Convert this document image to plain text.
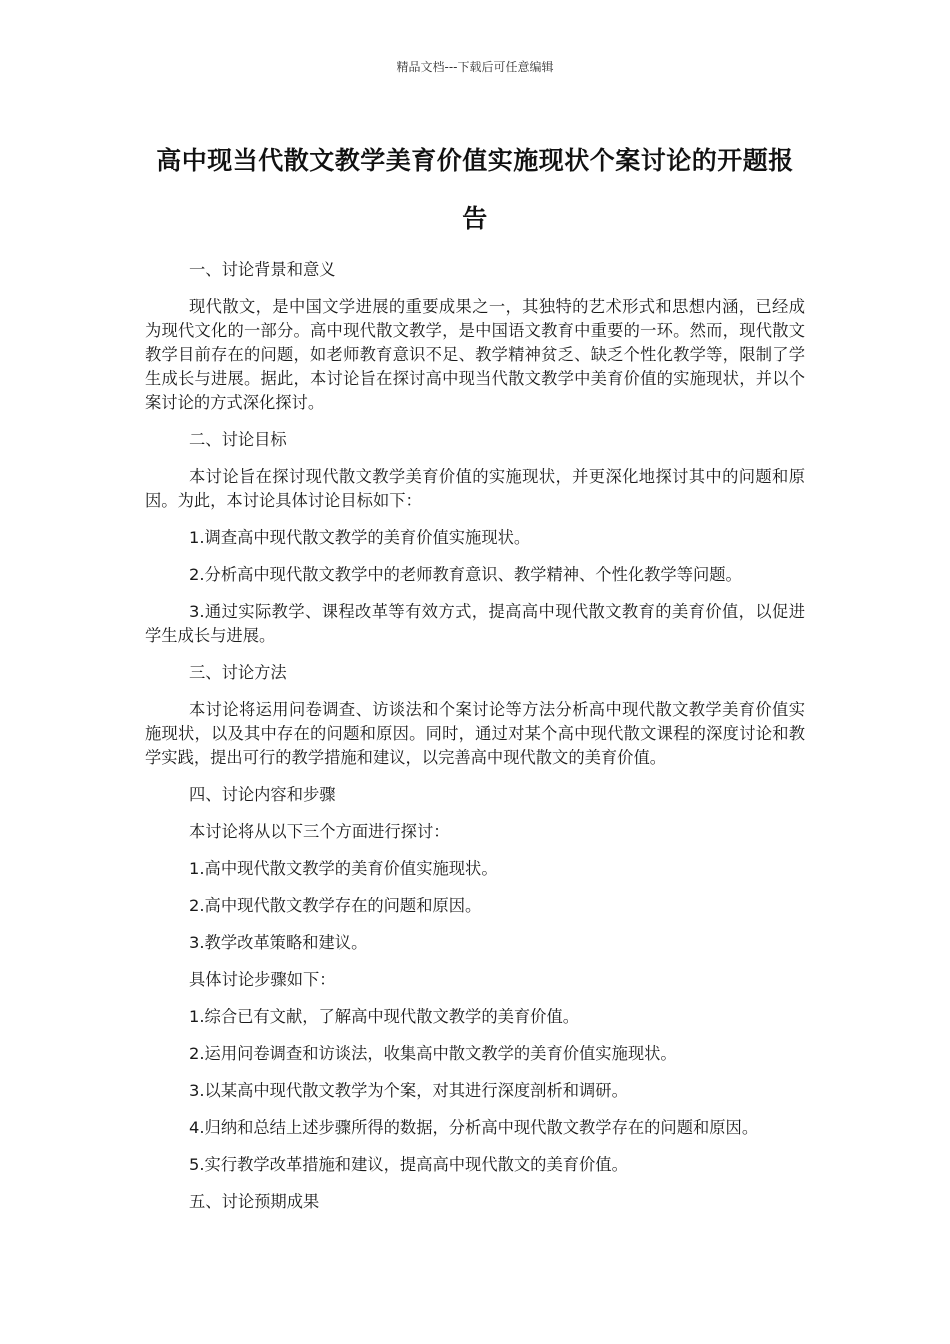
精品文档---下载后可任意编辑
高中现当代散文教学美育价值实施现状个案讨论的开题报告

一、讨论背景和意义

现代散文，是中国文学进展的重要成果之一，其独特的艺术形式和思想内涵，已经成为现代文化的一部分。高中现代散文教学，是中国语文教育中重要的一环。然而，现代散文教学目前存在的问题，如老师教育意识不足、教学精神贫乏、缺乏个性化教学等，限制了学生成长与进展。据此，本讨论旨在探讨高中现当代散文教学中美育价值的实施现状，并以个案讨论的方式深化探讨。

二、讨论目标

本讨论旨在探讨现代散文教学美育价值的实施现状，并更深化地探讨其中的问题和原因。为此，本讨论具体讨论目标如下：

1.调查高中现代散文教学的美育价值实施现状。

2.分析高中现代散文教学中的老师教育意识、教学精神、个性化教学等问题。

3.通过实际教学、课程改革等有效方式，提高高中现代散文教育的美育价值，以促进学生成长与进展。

三、讨论方法

本讨论将运用问卷调查、访谈法和个案讨论等方法分析高中现代散文教学美育价值实施现状，以及其中存在的问题和原因。同时，通过对某个高中现代散文课程的深度讨论和教学实践，提出可行的教学措施和建议，以完善高中现代散文的美育价值。

四、讨论内容和步骤

本讨论将从以下三个方面进行探讨：

1.高中现代散文教学的美育价值实施现状。

2.高中现代散文教学存在的问题和原因。

3.教学改革策略和建议。

具体讨论步骤如下：

1.综合已有文献，了解高中现代散文教学的美育价值。

2.运用问卷调查和访谈法，收集高中散文教学的美育价值实施现状。

3.以某高中现代散文教学为个案，对其进行深度剖析和调研。

4.归纳和总结上述步骤所得的数据，分析高中现代散文教学存在的问题和原因。

5.实行教学改革措施和建议，提高高中现代散文的美育价值。

五、讨论预期成果
